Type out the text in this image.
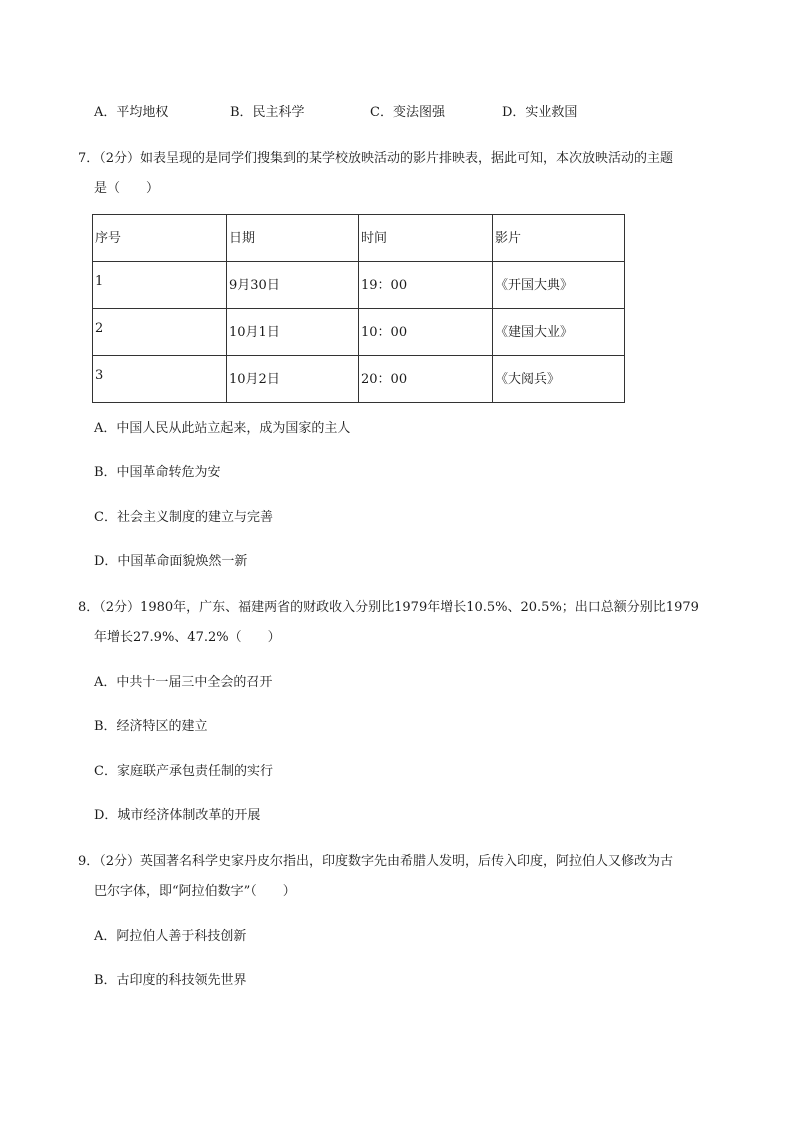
A．平均地权	B．民主科学	C．变法图强	D．实业救国
7．（2分）如表呈现的是同学们搜集到的某学校放映活动的影片排映表，据此可知，本次放映活动的主题
是（　　）
序号	日期	时间	影片
1	9月30日	19：00	《开国大典》
2	10月1日	10：00	《建国大业》
3	10月2日	20：00	《大阅兵》
A．中国人民从此站立起来，成为国家的主人
B．中国革命转危为安
C．社会主义制度的建立与完善
D．中国革命面貌焕然一新
8．（2分）1980年，广东、福建两省的财政收入分别比1979年增长10.5%、20.5%；出口总额分别比1979
年增长27.9%、47.2%（　　）
A．中共十一届三中全会的召开
B．经济特区的建立
C．家庭联产承包责任制的实行
D．城市经济体制改革的开展
9．（2分）英国著名科学史家丹皮尔指出，印度数字先由希腊人发明，后传入印度，阿拉伯人又修改为古
巴尔字体，即“阿拉伯数字”（　　）
A．阿拉伯人善于科技创新
B．古印度的科技领先世界
